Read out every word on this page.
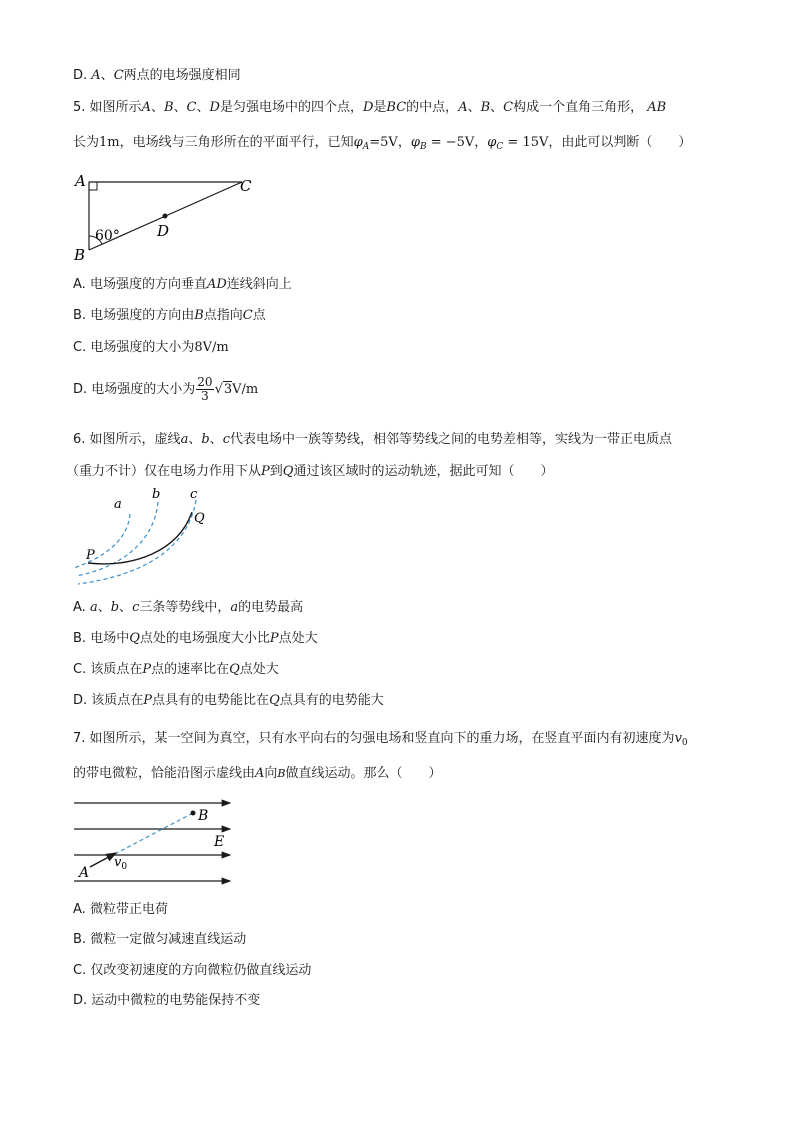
D. A、C两点的电场强度相同
5. 如图所示A、B、C、D是匀强电场中的四个点，D是BC的中点，A、B、C构成一个直角三角形， AB
长为1m，电场线与三角形所在的平面平行，已知$\varphi_A=5V$，$\varphi_B = -5V$，$\varphi_C = 15V$，由此可以判断（　　）
A
B
C
D
60°
A. 电场强度的方向垂直AD连线斜向上
B. 电场强度的方向由B点指向C点
C. 电场强度的大小为8V/m
D. 电场强度的大小为 $\frac{20}{3} √3V/m$
6. 如图所示，虚线a、b、c代表电场中一族等势线，相邻等势线之间的电势差相等，实线为一带正电质点
（重力不计）仅在电场力作用下从P到Q通过该区域时的运动轨迹，据此可知（　　）
a
b c
P
Q
A. a、b、c三条等势线中，a的电势最高
B. 电场中Q点处的电场强度大小比P点处大
C. 该质点在P点的速率比在Q点处大
D. 该质点在P点具有的电势能比在Q点具有的电势能大
7. 如图所示，某一空间为真空，只有水平向右的匀强电场和竖直向下的重力场，在竖直平面内有初速度为$v_0$
的带电微粒，恰能沿图示虚线由A向B做直线运动。那么（　　）
A
B
E
$v_0$
A. 微粒带正电荷
B. 微粒一定做匀减速直线运动
C. 仅改变初速度的方向微粒仍做直线运动
D. 运动中微粒的电势能保持不变
